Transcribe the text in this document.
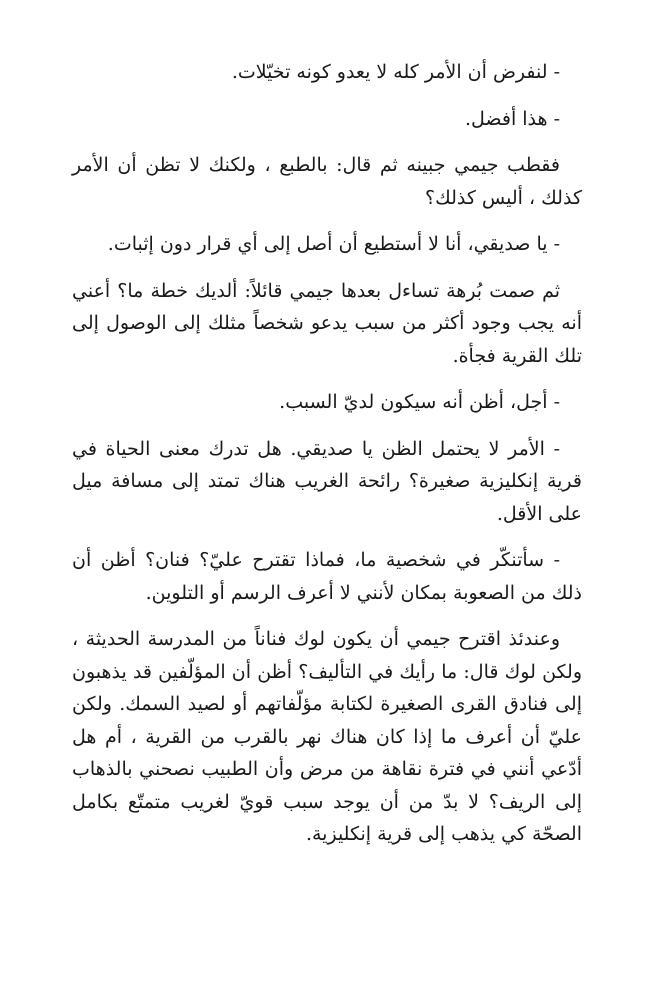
- لنفرض أن الأمر كله لا يعدو كونه تخيّلات.

- هذا أفضل.

فقطب جيمي جبينه ثم قال: بالطبع ، ولكنك لا تظن أن الأمر كذلك ، أليس كذلك؟

- يا صديقي، أنا لا أستطيع أن أصل إلى أي قرار دون إثبات.

ثم صمت بُرهة تساءل بعدها جيمي قائلاً: ألديك خطة ما؟ أعني أنه يجب وجود أكثر من سبب يدعو شخصاً مثلك إلى الوصول إلى تلك القرية فجأة.

- أجل، أظن أنه سيكون لديّ السبب.

- الأمر لا يحتمل الظن يا صديقي. هل تدرك معنى الحياة في قرية إنكليزية صغيرة؟ رائحة الغريب هناك تمتد إلى مسافة ميل على الأقل.

- سأتنكّر في شخصية ما، فماذا تقترح عليّ؟ فنان؟ أظن أن ذلك من الصعوبة بمكان لأنني لا أعرف الرسم أو التلوين.

وعندئذ اقترح جيمي أن يكون لوك فناناً من المدرسة الحديثة ، ولكن لوك قال: ما رأيك في التأليف؟ أظن أن المؤلّفين قد يذهبون إلى فنادق القرى الصغيرة لكتابة مؤلّفاتهم أو لصيد السمك. ولكن عليّ أن أعرف ما إذا كان هناك نهر بالقرب من القرية ، أم هل أدّعي أنني في فترة نقاهة من مرض وأن الطبيب نصحني بالذهاب إلى الريف؟ لا بدّ من أن يوجد سبب قويّ لغريب متمتّع بكامل الصحّة كي يذهب إلى قرية إنكليزية.
